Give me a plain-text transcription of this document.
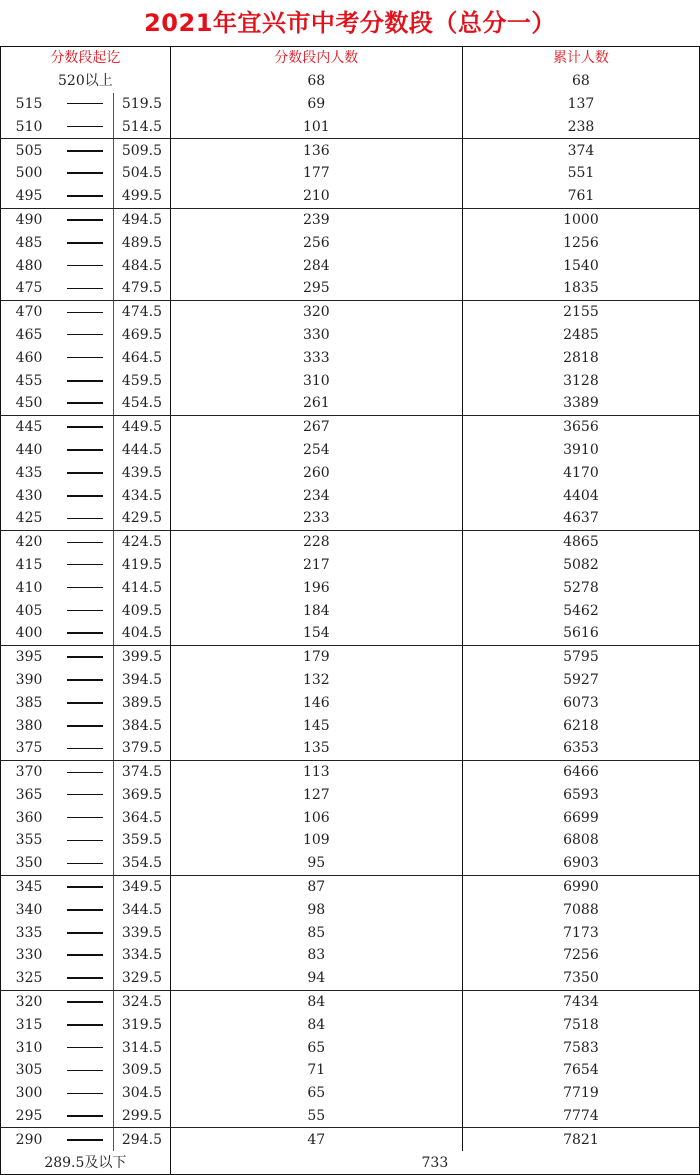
2021年宜兴市中考分数段（总分一）
分数段起讫			分数段内人数	累计人数
520以上			68	68
515		519.5	69	137
510		514.5	101	238
505		509.5	136	374
500		504.5	177	551
495		499.5	210	761
490		494.5	239	1000
485		489.5	256	1256
480		484.5	284	1540
475		479.5	295	1835
470		474.5	320	2155
465		469.5	330	2485
460		464.5	333	2818
455		459.5	310	3128
450		454.5	261	3389
445		449.5	267	3656
440		444.5	254	3910
435		439.5	260	4170
430		434.5	234	4404
425		429.5	233	4637
420		424.5	228	4865
415		419.5	217	5082
410		414.5	196	5278
405		409.5	184	5462
400		404.5	154	5616
395		399.5	179	5795
390		394.5	132	5927
385		389.5	146	6073
380		384.5	145	6218
375		379.5	135	6353
370		374.5	113	6466
365		369.5	127	6593
360		364.5	106	6699
355		359.5	109	6808
350		354.5	95	6903
345		349.5	87	6990
340		344.5	98	7088
335		339.5	85	7173
330		334.5	83	7256
325		329.5	94	7350
320		324.5	84	7434
315		319.5	84	7518
310		314.5	65	7583
305		309.5	71	7654
300		304.5	65	7719
295		299.5	55	7774
290		294.5	47	7821
289.5及以下			733	
